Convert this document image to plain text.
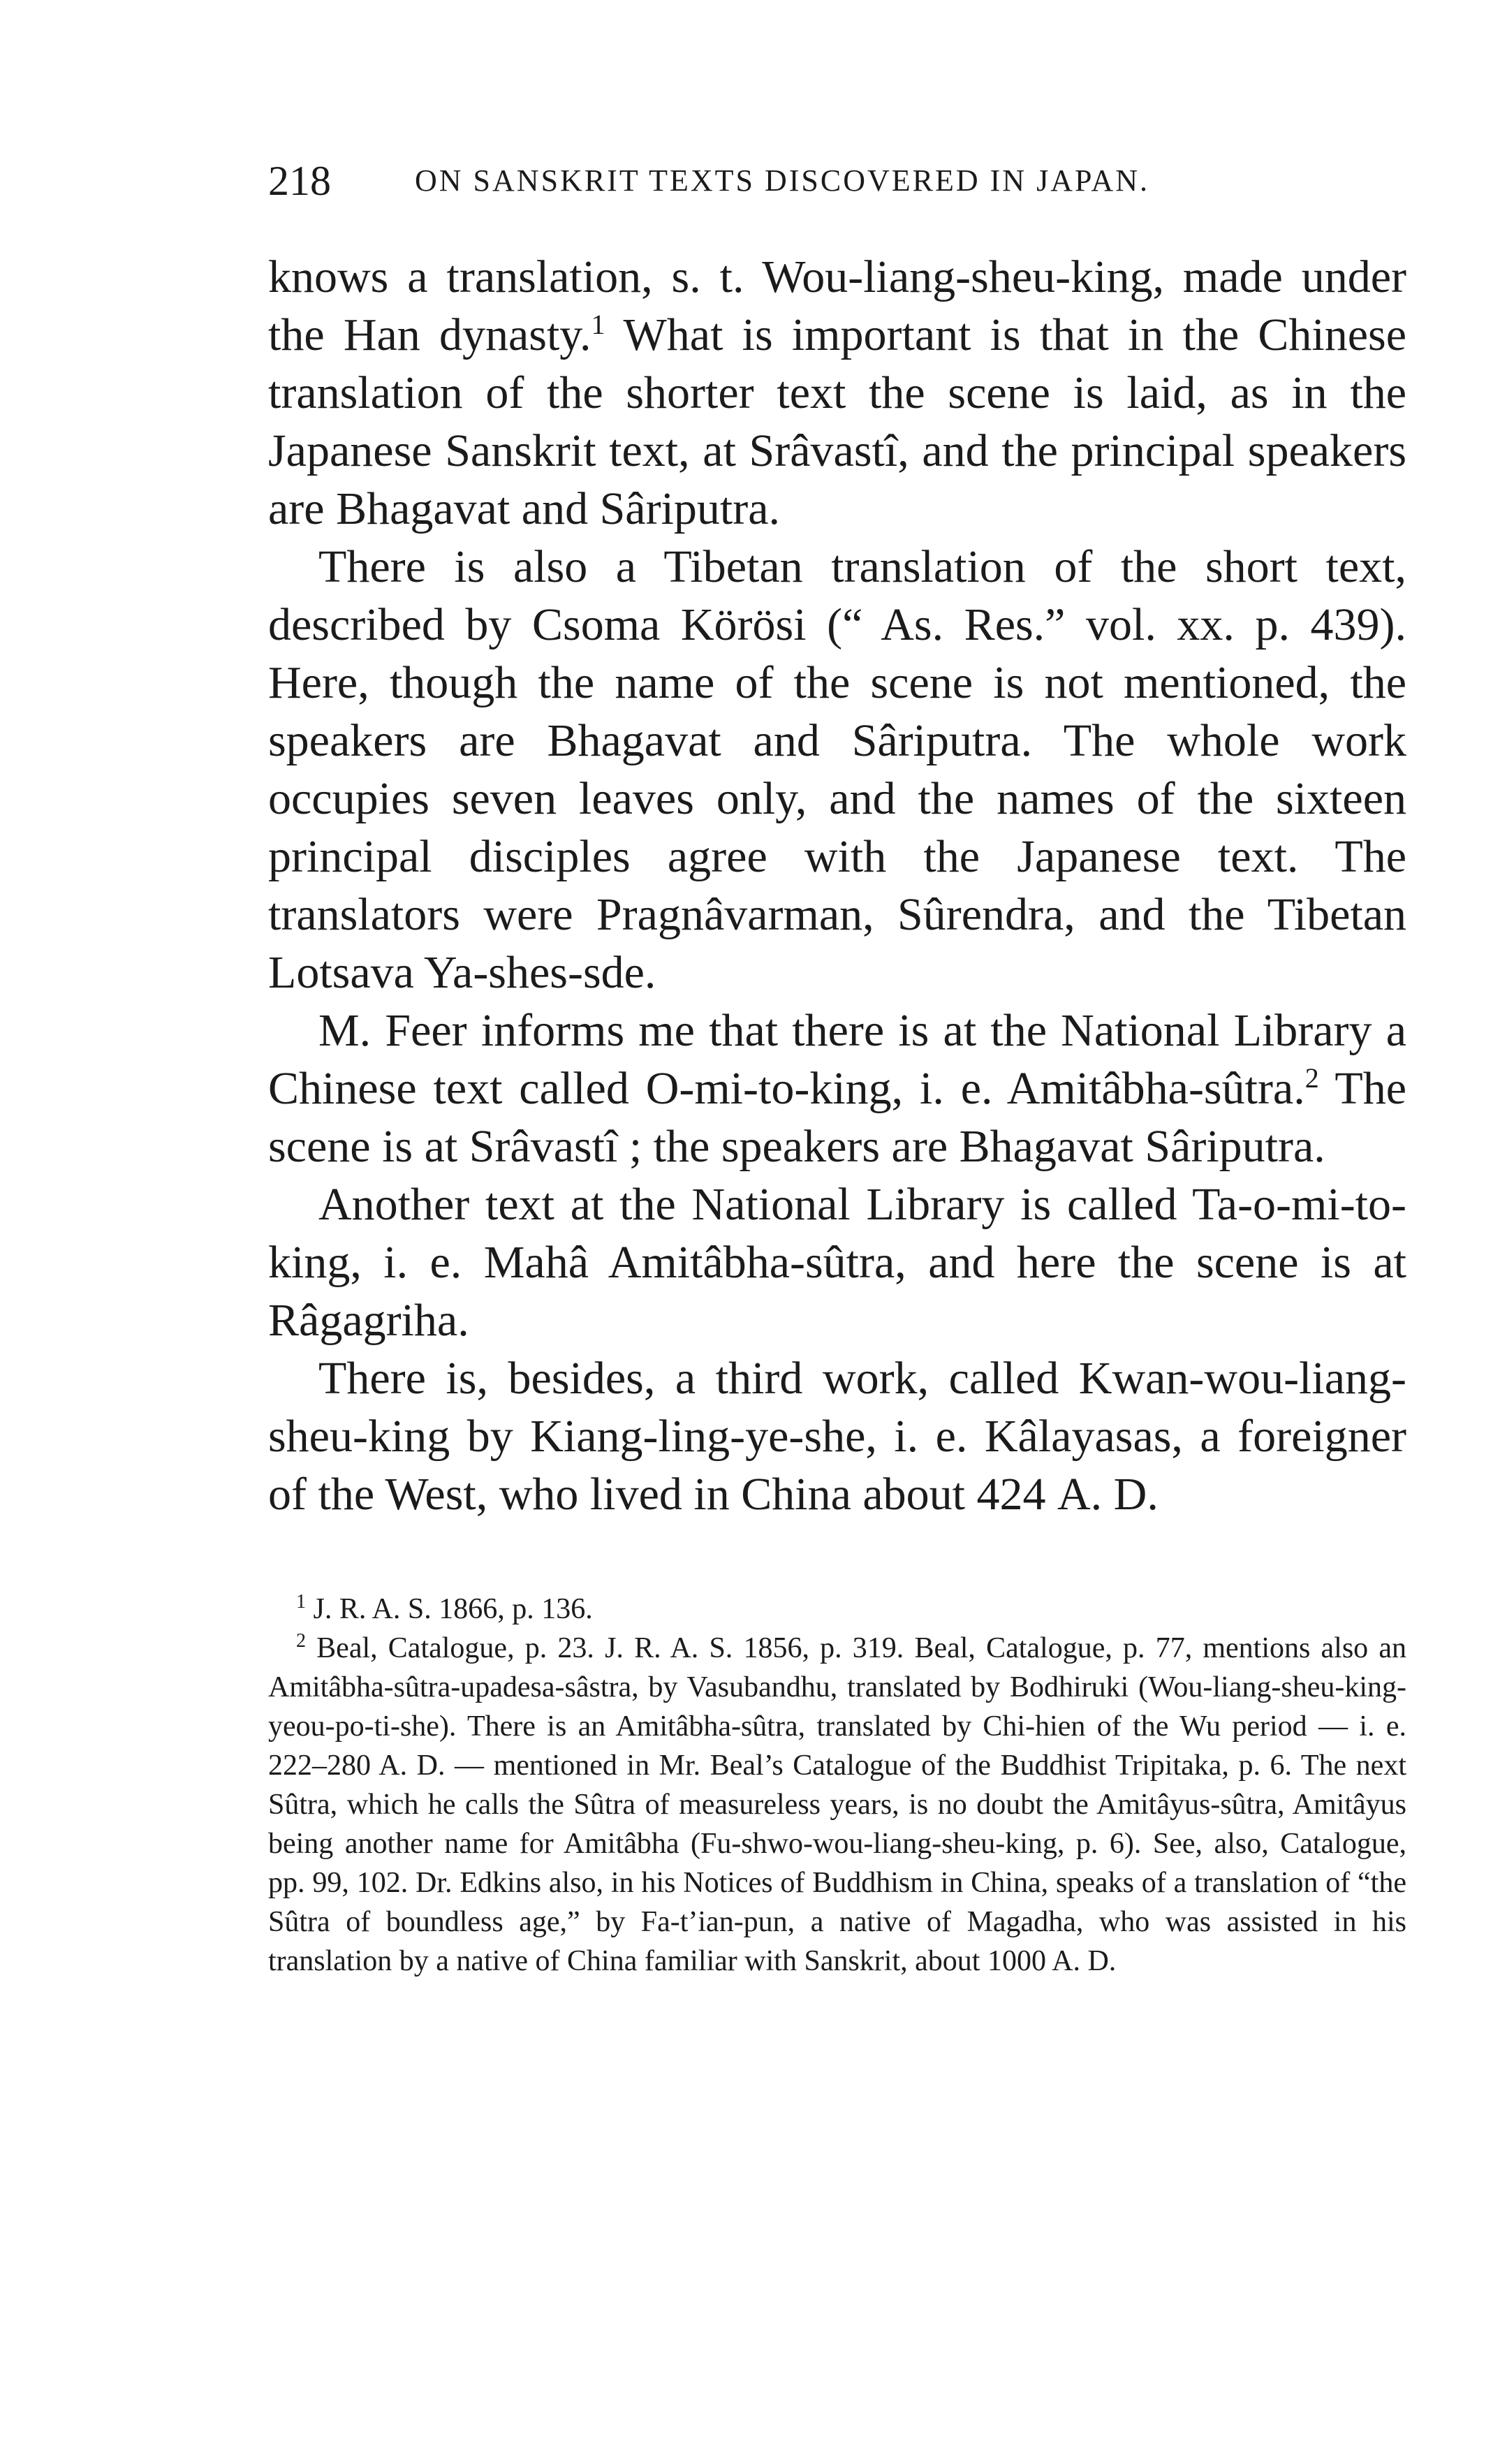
218	ON SANSKRIT TEXTS DISCOVERED IN JAPAN.

knows a translation, s. t. Wou-liang-sheu-king, made under the Han dynasty.$^1$ What is important is that in the Chinese translation of the shorter text the scene is laid, as in the Japanese Sanskrit text, at Srâvastî, and the principal speakers are Bhagavat and Sâriputra.

There is also a Tibetan translation of the short text, described by Csoma Körösi (“ As. Res.” vol. xx. p. 439). Here, though the name of the scene is not mentioned, the speakers are Bhagavat and Sâriputra. The whole work occupies seven leaves only, and the names of the sixteen principal disciples agree with the Japanese text. The translators were Pragnâvarman, Sûrendra, and the Tibetan Lotsava Ya-shes-sde.

M. Feer informs me that there is at the National Library a Chinese text called O-mi-to-king, i. e. Amitâbha-sûtra.$^2$ The scene is at Srâvastî ; the speakers are Bhagavat Sâriputra.

Another text at the National Library is called Ta-o-mi-to-king, i. e. Mahâ Amitâbha-sûtra, and here the scene is at Râgagriha.

There is, besides, a third work, called Kwan-wou-liang-sheu-king by Kiang-ling-ye-she, i. e. Kâlayasas, a foreigner of the West, who lived in China about 424 A. D.

$^1$ J. R. A. S. 1866, p. 136.

$^2$ Beal, Catalogue, p. 23. J. R. A. S. 1856, p. 319. Beal, Catalogue, p. 77, mentions also an Amitâbha-sûtra-upadesa-sâstra, by Vasubandhu, translated by Bodhiruki (Wou-liang-sheu-king-yeou-po-ti-she). There is an Amitâbha-sûtra, translated by Chi-hien of the Wu period — i. e. 222–280 A. D. — mentioned in Mr. Beal’s Catalogue of the Buddhist Tripitaka, p. 6. The next Sûtra, which he calls the Sûtra of measureless years, is no doubt the Amitâyus-sûtra, Amitâyus being another name for Amitâbha (Fu-shwo-wou-liang-sheu-king, p. 6). See, also, Catalogue, pp. 99, 102. Dr. Edkins also, in his Notices of Buddhism in China, speaks of a translation of “the Sûtra of boundless age,” by Fa-t’ian-pun, a native of Magadha, who was assisted in his translation by a native of China familiar with Sanskrit, about 1000 A. D.
